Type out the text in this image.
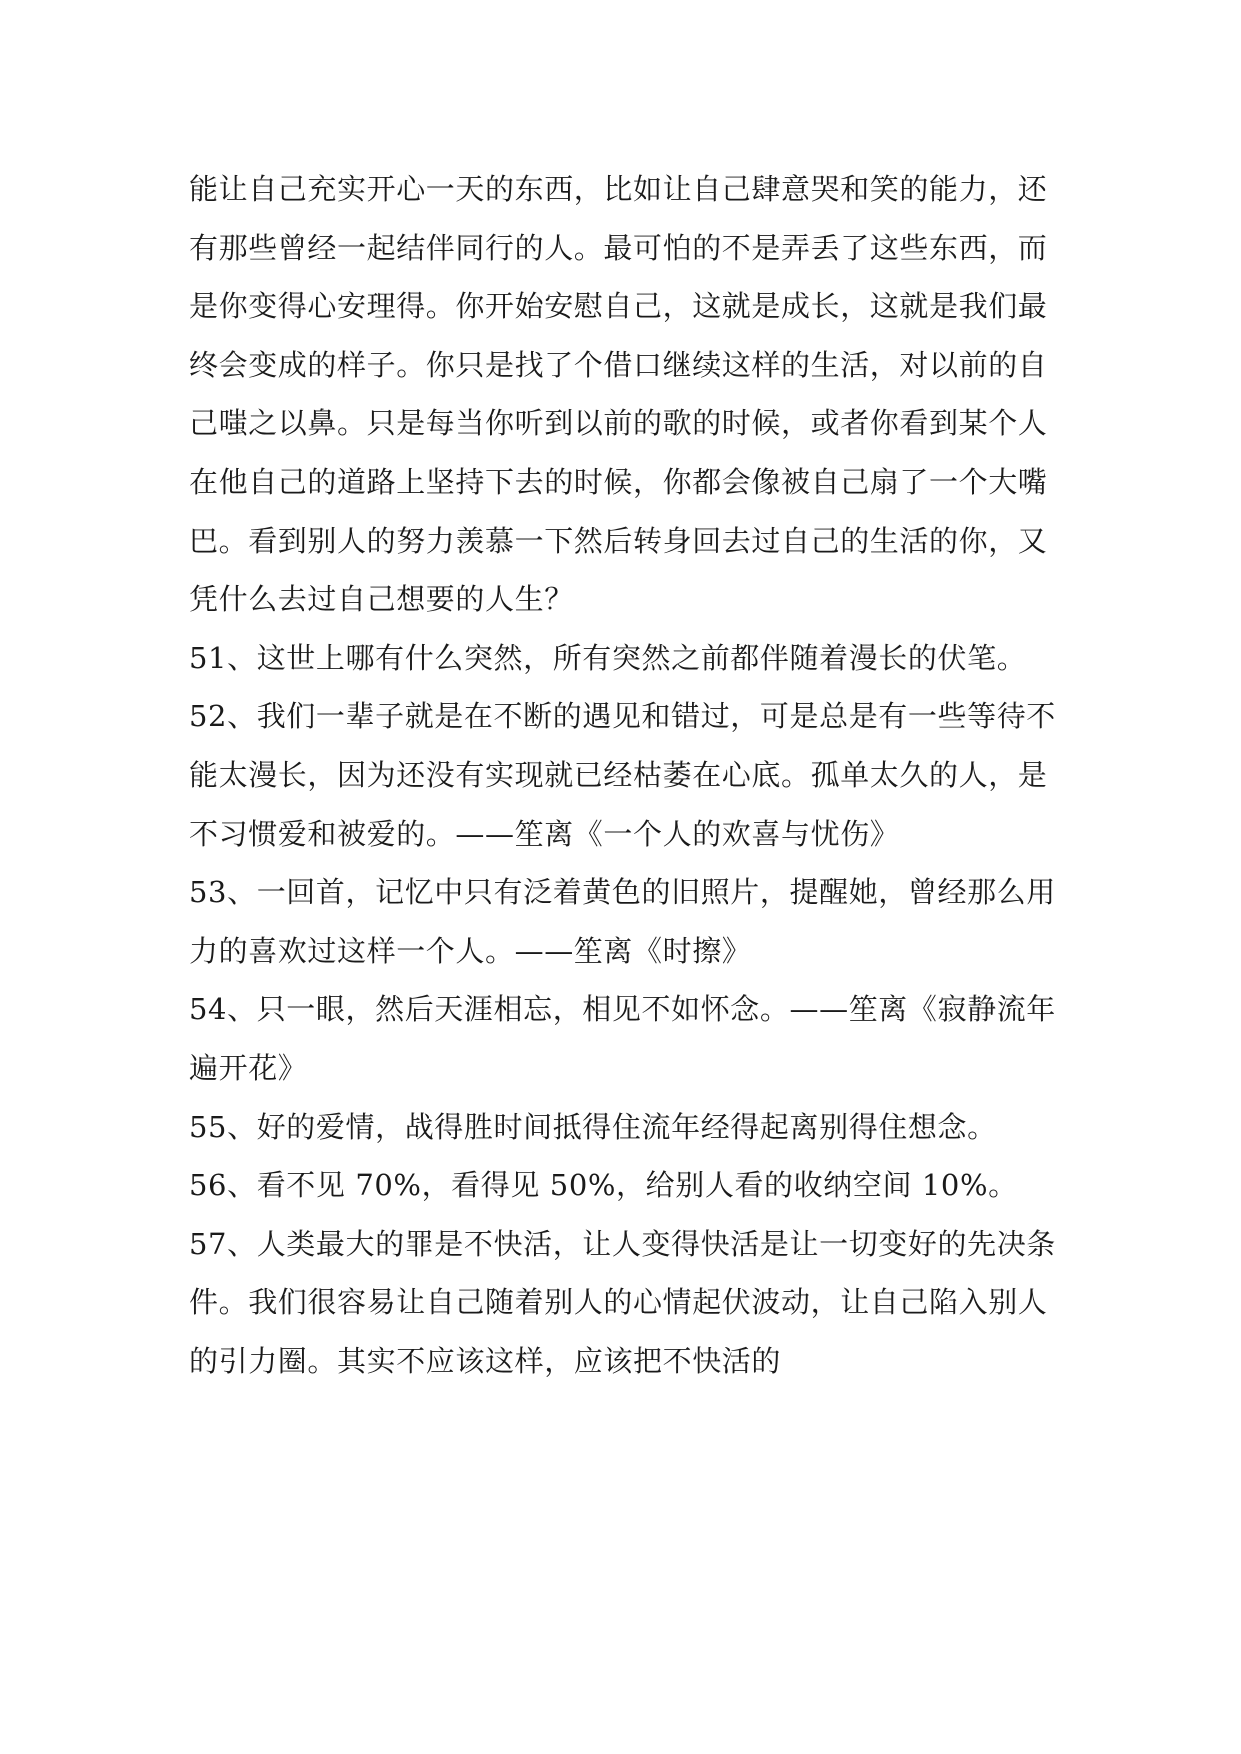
能让自己充实开心一天的东西，比如让自己肆意哭和笑的能力，还有那些曾经一起结伴同行的人。最可怕的不是弄丢了这些东西，而是你变得心安理得。你开始安慰自己，这就是成长，这就是我们最终会变成的样子。你只是找了个借口继续这样的生活，对以前的自己嗤之以鼻。只是每当你听到以前的歌的时候，或者你看到某个人在他自己的道路上坚持下去的时候，你都会像被自己扇了一个大嘴巴。看到别人的努力羡慕一下然后转身回去过自己的生活的你，又凭什么去过自己想要的人生？

51、这世上哪有什么突然，所有突然之前都伴随着漫长的伏笔。

52、我们一辈子就是在不断的遇见和错过，可是总是有一些等待不能太漫长，因为还没有实现就已经枯萎在心底。孤单太久的人，是不习惯爱和被爱的。——笙离《一个人的欢喜与忧伤》

53、一回首，记忆中只有泛着黄色的旧照片，提醒她，曾经那么用力的喜欢过这样一个人。——笙离《时擦》

54、只一眼，然后天涯相忘，相见不如怀念。——笙离《寂静流年遍开花》

55、好的爱情，战得胜时间抵得住流年经得起离别得住想念。

56、看不见 70%，看得见 50%，给别人看的收纳空间 10%。

57、人类最大的罪是不快活，让人变得快活是让一切变好的先决条件。我们很容易让自己随着别人的心情起伏波动，让自己陷入别人的引力圈。其实不应该这样，应该把不快活的
